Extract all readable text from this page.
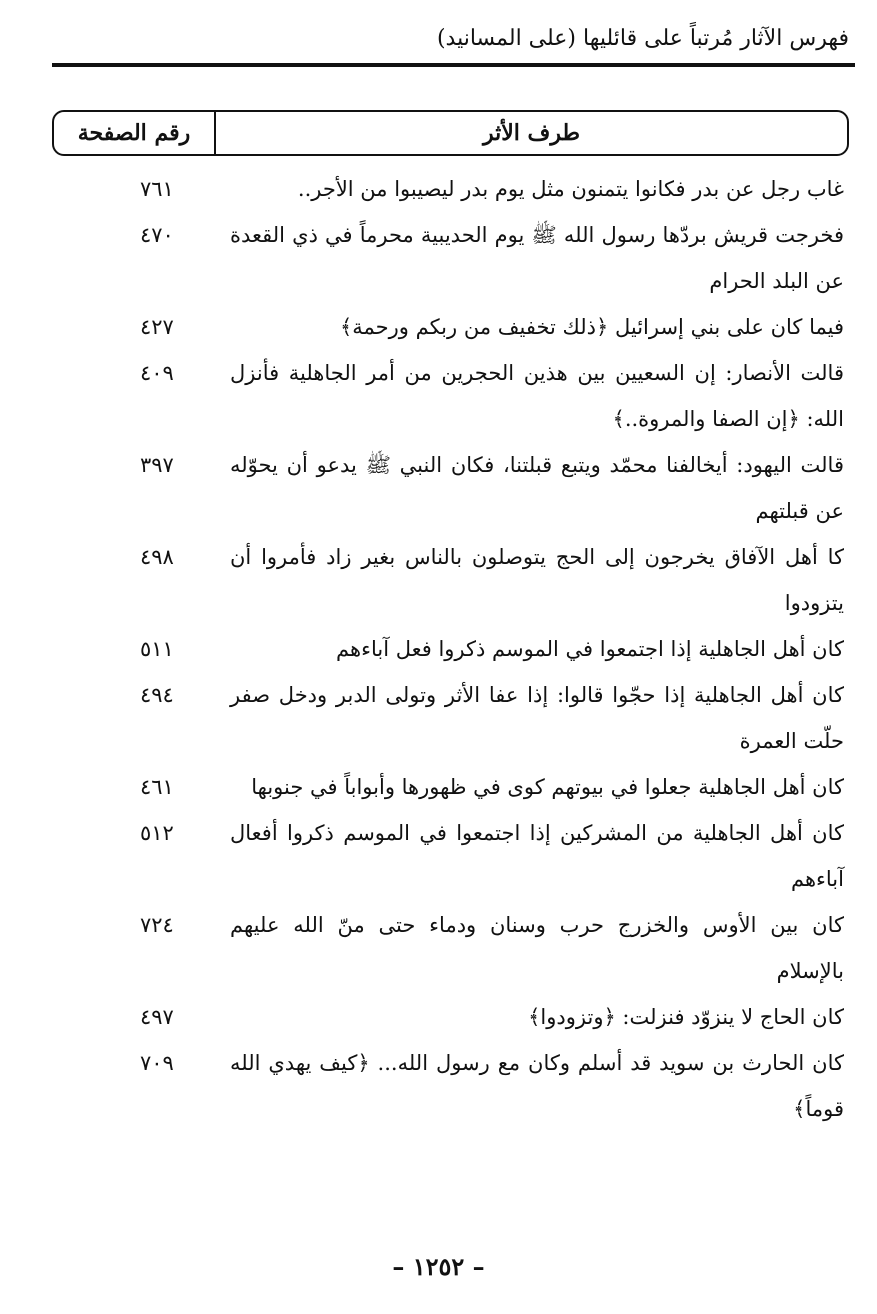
فهرس الآثار مُرتباً على قائليها (على المسانيد)
طرف الأثر
رقم الصفحة
غاب رجل عن بدر فكانوا يتمنون مثل يوم بدر ليصيبوا من الأجر..
٧٦١
فخرجت قريش بردّها رسول الله ﷺ يوم الحديبية محرماً في ذي القعدة عن البلد الحرام
٤٧٠
فيما كان على بني إسرائيل ﴿ذلك تخفيف من ربكم ورحمة﴾
٤٢٧
قالت الأنصار: إن السعيين بين هذين الحجرين من أمر الجاهلية فأنزل الله: ﴿إن الصفا والمروة..﴾
٤٠٩
قالت اليهود: أيخالفنا محمّد ويتبع قبلتنا، فكان النبي ﷺ يدعو أن يحوّله عن قبلتهم
٣٩٧
كا أهل الآفاق يخرجون إلى الحج يتوصلون بالناس بغير زاد فأمروا أن يتزودوا
٤٩٨
كان أهل الجاهلية إذا اجتمعوا في الموسم ذكروا فعل آباءهم
٥١١
كان أهل الجاهلية إذا حجّوا قالوا: إذا عفا الأثر وتولى الدبر ودخل صفر حلّت العمرة
٤٩٤
كان أهل الجاهلية جعلوا في بيوتهم كوى في ظهورها وأبواباً في جنوبها
٤٦١
كان أهل الجاهلية من المشركين إذا اجتمعوا في الموسم ذكروا أفعال آباءهم
٥١٢
كان بين الأوس والخزرج حرب وسنان ودماء حتى منّ الله عليهم بالإسلام
٧٢٤
كان الحاج لا ينزوّد فنزلت: ﴿وتزودوا﴾
٤٩٧
كان الحارث بن سويد قد أسلم وكان مع رسول الله... ﴿كيف يهدي الله قوماً﴾
٧٠٩
– ١٢٥٢ –
